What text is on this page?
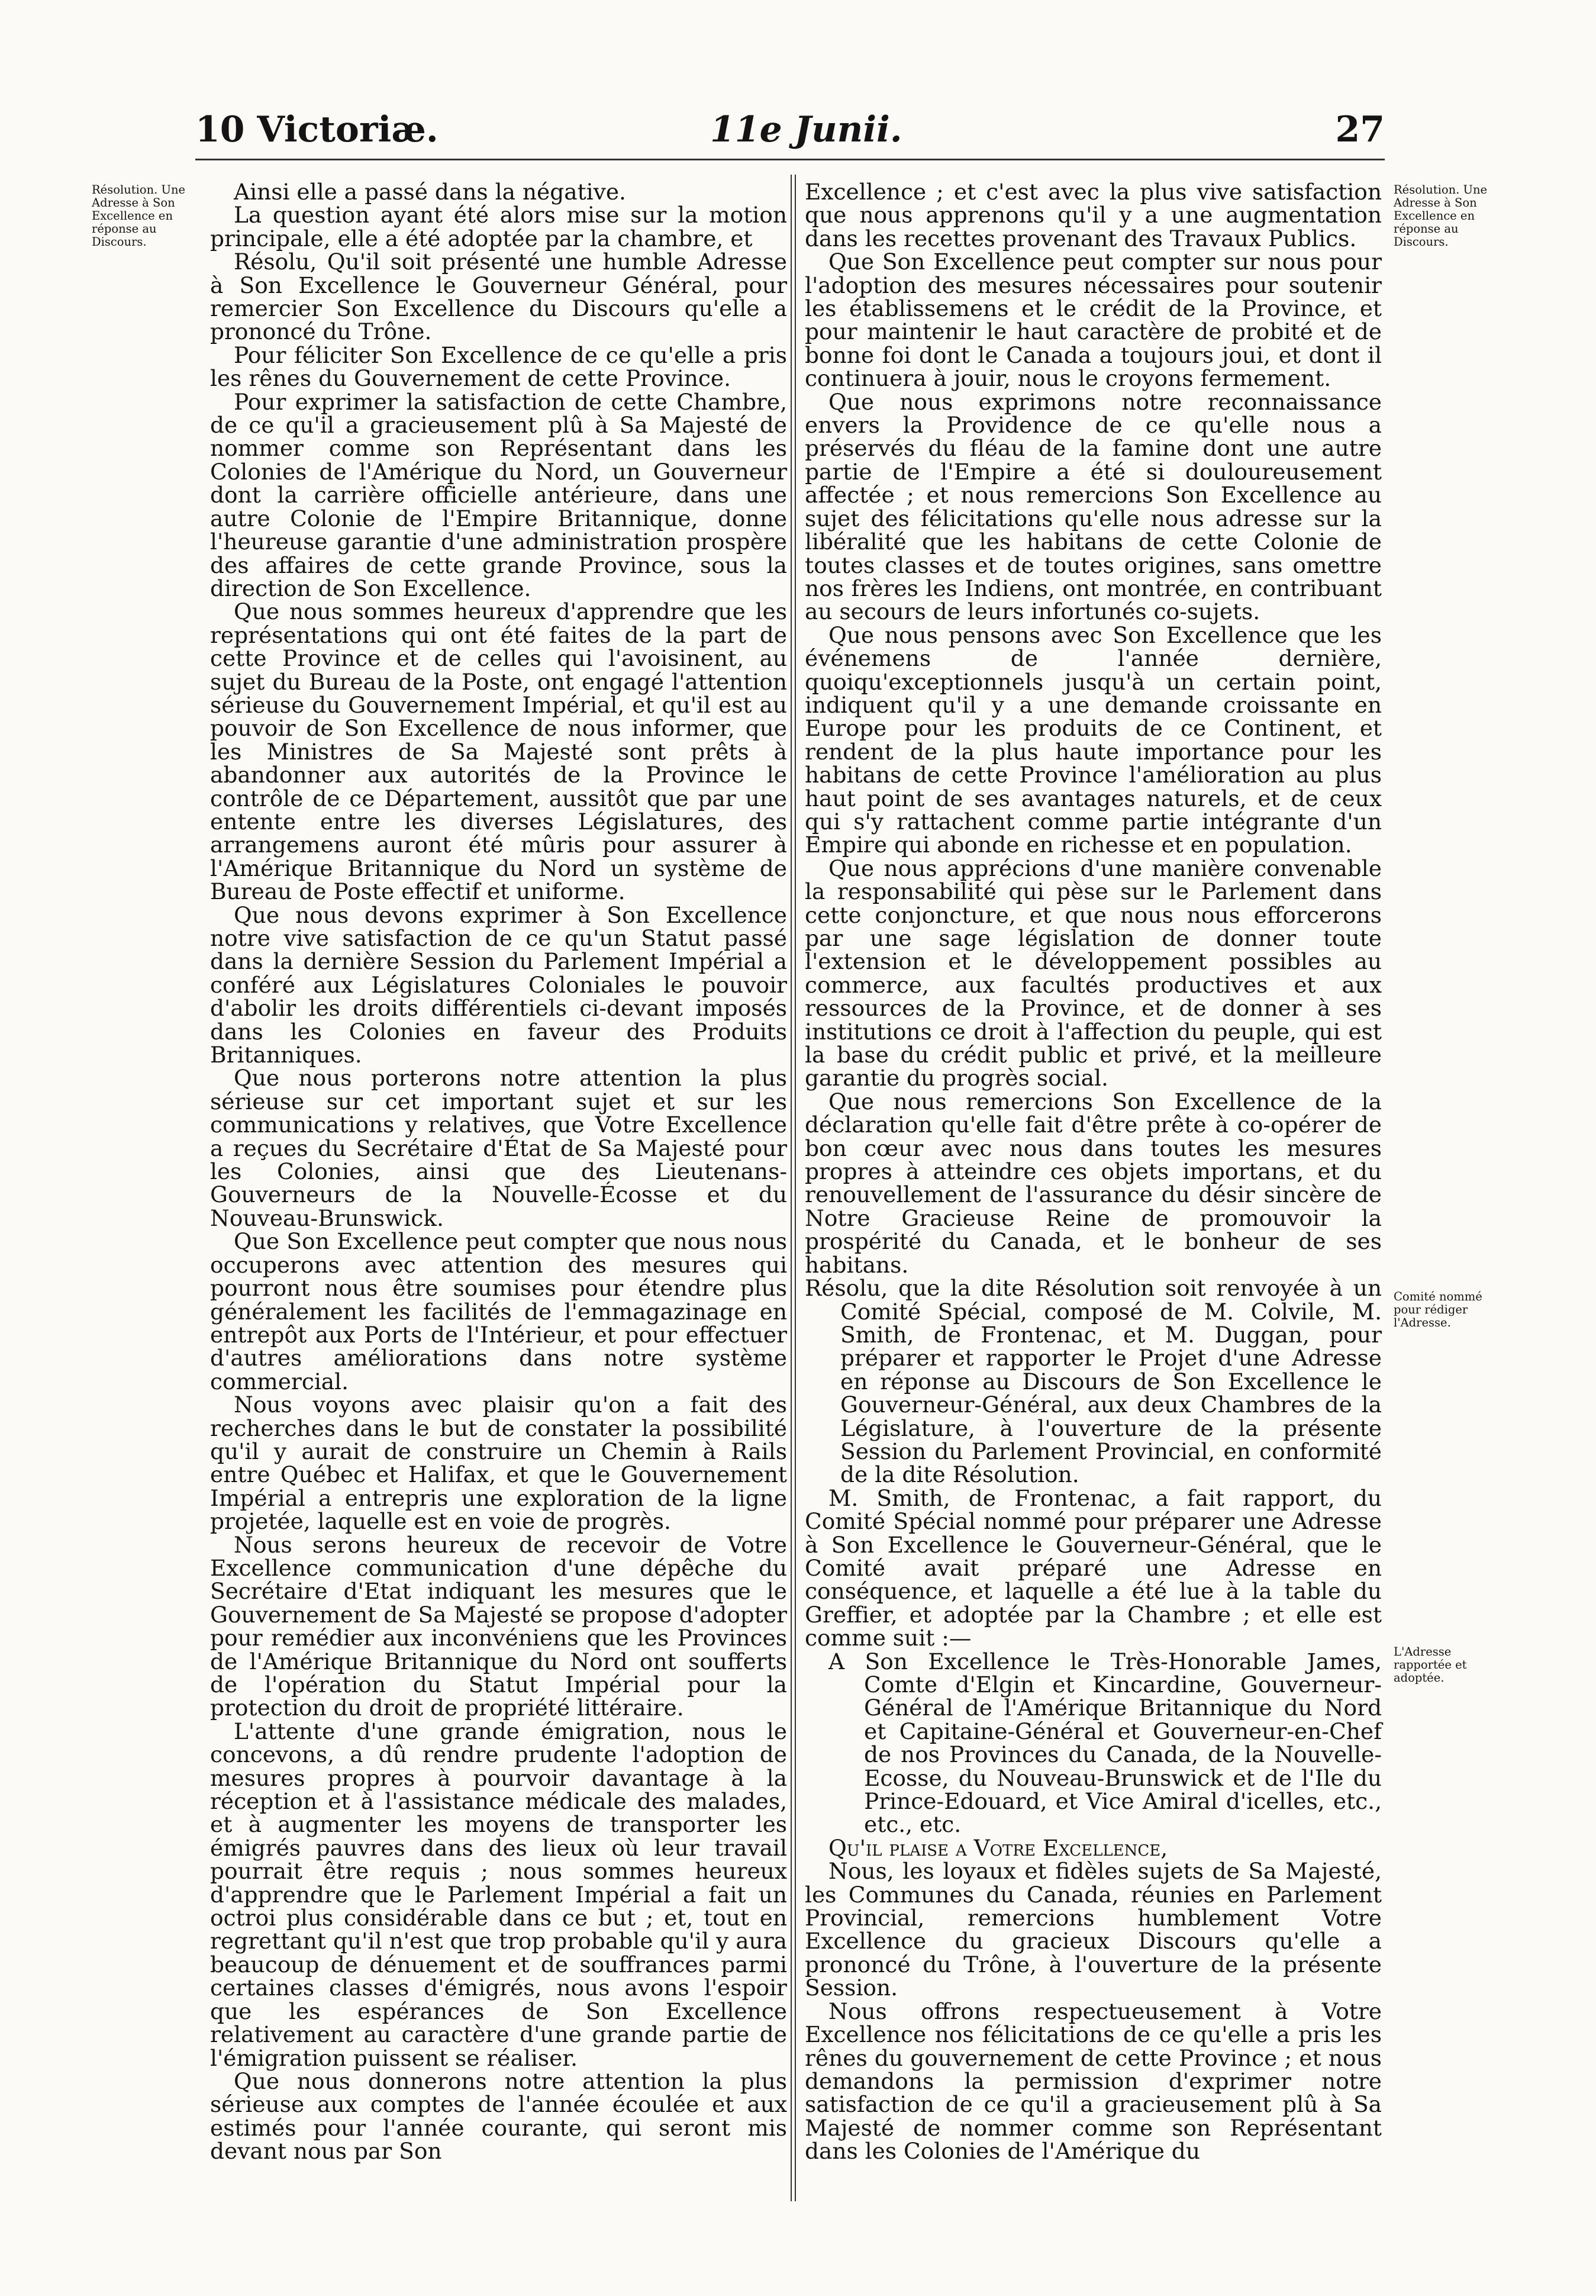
10 Victoriæ.	11e Junii.	27
Résolution. Une Adresse à Son Excellence en réponse au Discours.
Résolution. Une Adresse à Son Excellence en réponse au Discours.
Comité nommé pour rédiger l'Adresse.
L'Adresse rapportée et adoptée.

Ainsi elle a passé dans la négative.

La question ayant été alors mise sur la motion principale, elle a été adoptée par la chambre, et

Résolu, Qu'il soit présenté une humble Adresse à Son Excellence le Gouverneur Général, pour remercier Son Excellence du Discours qu'elle a prononcé du Trône.

Pour féliciter Son Excellence de ce qu'elle a pris les rênes du Gouvernement de cette Province.

Pour exprimer la satisfaction de cette Chambre, de ce qu'il a gracieusement plû à Sa Majesté de nommer comme son Représentant dans les Colonies de l'Amérique du Nord, un Gouverneur dont la carrière officielle antérieure, dans une autre Colonie de l'Empire Britannique, donne l'heureuse garantie d'une administration prospère des affaires de cette grande Province, sous la direction de Son Excellence.

Que nous sommes heureux d'apprendre que les représentations qui ont été faites de la part de cette Province et de celles qui l'avoisinent, au sujet du Bureau de la Poste, ont engagé l'attention sérieuse du Gouvernement Impérial, et qu'il est au pouvoir de Son Excellence de nous informer, que les Ministres de Sa Majesté sont prêts à abandonner aux autorités de la Province le contrôle de ce Département, aussitôt que par une entente entre les diverses Législatures, des arrangemens auront été mûris pour assurer à l'Amérique Britannique du Nord un système de Bureau de Poste effectif et uniforme.

Que nous devons exprimer à Son Excellence notre vive satisfaction de ce qu'un Statut passé dans la dernière Session du Parlement Impérial a conféré aux Législatures Coloniales le pouvoir d'abolir les droits différentiels ci-devant imposés dans les Colonies en faveur des Produits Britanniques.

Que nous porterons notre attention la plus sérieuse sur cet important sujet et sur les communications y relatives, que Votre Excellence a reçues du Secrétaire d'État de Sa Majesté pour les Colonies, ainsi que des Lieutenans-Gouverneurs de la Nouvelle-Écosse et du Nouveau-Brunswick.

Que Son Excellence peut compter que nous nous occuperons avec attention des mesures qui pourront nous être soumises pour étendre plus généralement les facilités de l'emmagazinage en entrepôt aux Ports de l'Intérieur, et pour effectuer d'autres améliorations dans notre système commercial.

Nous voyons avec plaisir qu'on a fait des recherches dans le but de constater la possibilité qu'il y aurait de construire un Chemin à Rails entre Québec et Halifax, et que le Gouvernement Impérial a entrepris une exploration de la ligne projetée, laquelle est en voie de progrès.

Nous serons heureux de recevoir de Votre Excellence communication d'une dépêche du Secrétaire d'Etat indiquant les mesures que le Gouvernement de Sa Majesté se propose d'adopter pour remédier aux inconvéniens que les Provinces de l'Amérique Britannique du Nord ont soufferts de l'opération du Statut Impérial pour la protection du droit de propriété littéraire.

L'attente d'une grande émigration, nous le concevons, a dû rendre prudente l'adoption de mesures propres à pourvoir davantage à la réception et à l'assistance médicale des malades, et à augmenter les moyens de transporter les émigrés pauvres dans des lieux où leur travail pourrait être requis ; nous sommes heureux d'apprendre que le Parlement Impérial a fait un octroi plus considérable dans ce but ; et, tout en regrettant qu'il n'est que trop probable qu'il y aura beaucoup de dénuement et de souffrances parmi certaines classes d'émigrés, nous avons l'espoir que les espérances de Son Excellence relativement au caractère d'une grande partie de l'émigration puissent se réaliser.

Que nous donnerons notre attention la plus sérieuse aux comptes de l'année écoulée et aux estimés pour l'année courante, qui seront mis devant nous par Son

Excellence ; et c'est avec la plus vive satisfaction que nous apprenons qu'il y a une augmentation dans les recettes provenant des Travaux Publics.

Que Son Excellence peut compter sur nous pour l'adoption des mesures nécessaires pour soutenir les établissemens et le crédit de la Province, et pour maintenir le haut caractère de probité et de bonne foi dont le Canada a toujours joui, et dont il continuera à jouir, nous le croyons fermement.

Que nous exprimons notre reconnaissance envers la Providence de ce qu'elle nous a préservés du fléau de la famine dont une autre partie de l'Empire a été si douloureusement affectée ; et nous remercions Son Excellence au sujet des félicitations qu'elle nous adresse sur la libéralité que les habitans de cette Colonie de toutes classes et de toutes origines, sans omettre nos frères les Indiens, ont montrée, en contribuant au secours de leurs infortunés co-sujets.

Que nous pensons avec Son Excellence que les événemens de l'année dernière, quoiqu'exceptionnels jusqu'à un certain point, indiquent qu'il y a une demande croissante en Europe pour les produits de ce Continent, et rendent de la plus haute importance pour les habitans de cette Province l'amélioration au plus haut point de ses avantages naturels, et de ceux qui s'y rattachent comme partie intégrante d'un Empire qui abonde en richesse et en population.

Que nous apprécions d'une manière convenable la responsabilité qui pèse sur le Parlement dans cette conjoncture, et que nous nous efforcerons par une sage législation de donner toute l'extension et le développement possibles au commerce, aux facultés productives et aux ressources de la Province, et de donner à ses institutions ce droit à l'affection du peuple, qui est la base du crédit public et privé, et la meilleure garantie du progrès social.

Que nous remercions Son Excellence de la déclaration qu'elle fait d'être prête à co-opérer de bon cœur avec nous dans toutes les mesures propres à atteindre ces objets importans, et du renouvellement de l'assurance du désir sincère de Notre Gracieuse Reine de promouvoir la prospérité du Canada, et le bonheur de ses habitans.

Résolu, que la dite Résolution soit renvoyée à un Comité Spécial, composé de M. Colvile, M. Smith, de Frontenac, et M. Duggan, pour préparer et rapporter le Projet d'une Adresse en réponse au Discours de Son Excellence le Gouverneur-Général, aux deux Chambres de la Législature, à l'ouverture de la présente Session du Parlement Provincial, en conformité de la dite Résolution.

M. Smith, de Frontenac, a fait rapport, du Comité Spécial nommé pour préparer une Adresse à Son Excellence le Gouverneur-Général, que le Comité avait préparé une Adresse en conséquence, et laquelle a été lue à la table du Greffier, et adoptée par la Chambre ; et elle est comme suit :—

A Son Excellence le Très-Honorable James, Comte d'Elgin et Kincardine, Gouverneur-Général de l'Amérique Britannique du Nord et Capitaine-Général et Gouverneur-en-Chef de nos Provinces du Canada, de la Nouvelle-Ecosse, du Nouveau-Brunswick et de l'Ile du Prince-Edouard, et Vice Amiral d'icelles, etc., etc., etc.

Qu'il plaise a Votre Excellence,

Nous, les loyaux et fidèles sujets de Sa Majesté, les Communes du Canada, réunies en Parlement Provincial, remercions humblement Votre Excellence du gracieux Discours qu'elle a prononcé du Trône, à l'ouverture de la présente Session.

Nous offrons respectueusement à Votre Excellence nos félicitations de ce qu'elle a pris les rênes du gouvernement de cette Province ; et nous demandons la permission d'exprimer notre satisfaction de ce qu'il a gracieusement plû à Sa Majesté de nommer comme son Représentant dans les Colonies de l'Amérique du
